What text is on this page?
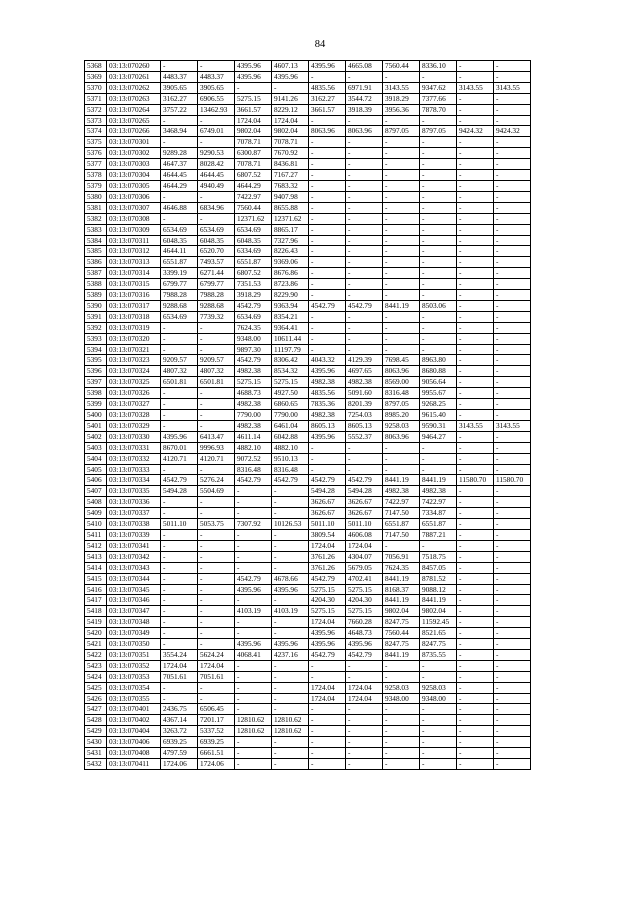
84
5368	03:13:070260	-	-	4395.96	4607.13	4395.96	4665.08	7560.44	8336.10	-	-
5369	03:13:070261	4483.37	4483.37	4395.96	4395.96	-	-	-	-	-	-
5370	03:13:070262	3905.65	3905.65	-	-	4835.56	6971.91	3143.55	9347.62	3143.55	3143.55
5371	03:13:070263	3162.27	6906.55	5275.15	9141.26	3162.27	3544.72	3918.29	7377.66	-	-
5372	03:13:070264	3757.22	13462.93	3661.57	8229.12	3661.57	3918.39	3956.36	7878.70	-	-
5373	03:13:070265	-	-	1724.04	1724.04	-	-	-	-	-	-
5374	03:13:070266	3468.94	6749.01	9802.04	9802.04	8063.96	8063.96	8797.05	8797.05	9424.32	9424.32
5375	03:13:070301	-	-	7078.71	7078.71	-	-	-	-	-	-
5376	03:13:070302	9289.28	9290.53	6300.87	7670.92	-	-	-	-	-	-
5377	03:13:070303	4647.37	8028.42	7078.71	8436.81	-	-	-	-	-	-
5378	03:13:070304	4644.45	4644.45	6807.52	7167.27	-	-	-	-	-	-
5379	03:13:070305	4644.29	4940.49	4644.29	7683.32	-	-	-	-	-	-
5380	03:13:070306	-	-	7422.97	9407.98	-	-	-	-	-	-
5381	03:13:070307	4646.88	6834.96	7560.44	8655.88	-	-	-	-	-	-
5382	03:13:070308	-	-	12371.62	12371.62	-	-	-	-	-	-
5383	03:13:070309	6534.69	6534.69	6534.69	8865.17	-	-	-	-	-	-
5384	03:13:070311	6048.35	6048.35	6048.35	7327.96	-	-	-	-	-	-
5385	03:13:070312	4644.11	6520.70	6334.69	8226.43	-	-	-	-	-	-
5386	03:13:070313	6551.87	7493.57	6551.87	9369.06	-	-	-	-	-	-
5387	03:13:070314	3399.19	6271.44	6807.52	8676.86	-	-	-	-	-	-
5388	03:13:070315	6799.77	6799.77	7351.53	8723.86	-	-	-	-	-	-
5389	03:13:070316	7988.28	7988.28	3918.29	8229.90	-	-	-	-	-	-
5390	03:13:070317	9288.68	9288.68	4542.79	9363.94	4542.79	4542.79	8441.19	8503.06	-	-
5391	03:13:070318	6534.69	7739.32	6534.69	8354.21	-	-	-	-	-	-
5392	03:13:070319	-	-	7624.35	9364.41	-	-	-	-	-	-
5393	03:13:070320	-	-	9348.00	10611.44	-	-	-	-	-	-
5394	03:13:070321	-	-	9897.30	11197.79	-	-	-	-	-	-
5395	03:13:070323	9209.57	9209.57	4542.79	8306.42	4043.32	4129.39	7698.45	8963.80	-	-
5396	03:13:070324	4807.32	4807.32	4982.38	8534.32	4395.96	4697.65	8063.96	8680.88	-	-
5397	03:13:070325	6501.81	6501.81	5275.15	5275.15	4982.38	4982.38	8569.00	9056.64	-	-
5398	03:13:070326	-	-	4688.73	4927.50	4835.56	5091.60	8316.48	9955.67	-	-
5399	03:13:070327	-	-	4982.38	6860.65	7835.36	8201.39	8797.05	9268.25	-	-
5400	03:13:070328	-	-	7790.00	7790.00	4982.38	7254.03	8985.20	9615.40	-	-
5401	03:13:070329	-	-	4982.38	6461.04	8605.13	8605.13	9258.03	9590.31	3143.55	3143.55
5402	03:13:070330	4395.96	6413.47	4611.14	6042.88	4395.96	5552.37	8063.96	9464.27	-	-
5403	03:13:070331	8670.01	9996.93	4882.10	4882.10	-	-	-	-	-	-
5404	03:13:070332	4120.71	4120.71	9072.52	9510.13	-	-	-	-	-	-
5405	03:13:070333	-	-	8316.48	8316.48	-	-	-	-	-	-
5406	03:13:070334	4542.79	5276.24	4542.79	4542.79	4542.79	4542.79	8441.19	8441.19	11580.70	11580.70
5407	03:13:070335	5494.28	5504.69	-	-	5494.28	5494.28	4982.38	4982.38	-	-
5408	03:13:070336	-	-	-	-	3626.67	3626.67	7422.97	7422.97	-	-
5409	03:13:070337	-	-	-	-	3626.67	3626.67	7147.50	7334.87	-	-
5410	03:13:070338	5011.10	5053.75	7307.92	10126.53	5011.10	5011.10	6551.87	6551.87	-	-
5411	03:13:070339	-	-	-	-	3809.54	4606.08	7147.50	7887.21	-	-
5412	03:13:070341	-	-	-	-	1724.04	1724.04	-	-	-	-
5413	03:13:070342	-	-	-	-	3761.26	4304.07	7056.91	7518.75	-	-
5414	03:13:070343	-	-	-	-	3761.26	5679.05	7624.35	8457.05	-	-
5415	03:13:070344	-	-	4542.79	4678.66	4542.79	4702.41	8441.19	8781.52	-	-
5416	03:13:070345	-	-	4395.96	4395.96	5275.15	5275.15	8168.37	9088.12	-	-
5417	03:13:070346	-	-	-	-	4204.30	4204.30	8441.19	8441.19	-	-
5418	03:13:070347	-	-	4103.19	4103.19	5275.15	5275.15	9802.04	9802.04	-	-
5419	03:13:070348	-	-	-	-	1724.04	7660.28	8247.75	11592.45	-	-
5420	03:13:070349	-	-	-	-	4395.96	4648.73	7560.44	8521.65	-	-
5421	03:13:070350	-	-	4395.96	4395.96	4395.96	4395.96	8247.75	8247.75	-	-
5422	03:13:070351	3554.24	5624.24	4068.41	4237.16	4542.79	4542.79	8441.19	8735.55	-	-
5423	03:13:070352	1724.04	1724.04	-	-	-	-	-	-	-	-
5424	03:13:070353	7051.61	7051.61	-	-	-	-	-	-	-	-
5425	03:13:070354	-	-	-	-	1724.04	1724.04	9258.03	9258.03	-	-
5426	03:13:070355	-	-	-	-	1724.04	1724.04	9348.00	9348.00	-	-
5427	03:13:070401	2436.75	6506.45	-	-	-	-	-	-	-	-
5428	03:13:070402	4367.14	7201.17	12810.62	12810.62	-	-	-	-	-	-
5429	03:13:070404	3263.72	5337.52	12810.62	12810.62	-	-	-	-	-	-
5430	03:13:070406	6939.25	6939.25	-	-	-	-	-	-	-	-
5431	03:13:070408	4797.59	6661.51	-	-	-	-	-	-	-	-
5432	03:13:070411	1724.06	1724.06	-	-	-	-	-	-	-	-
